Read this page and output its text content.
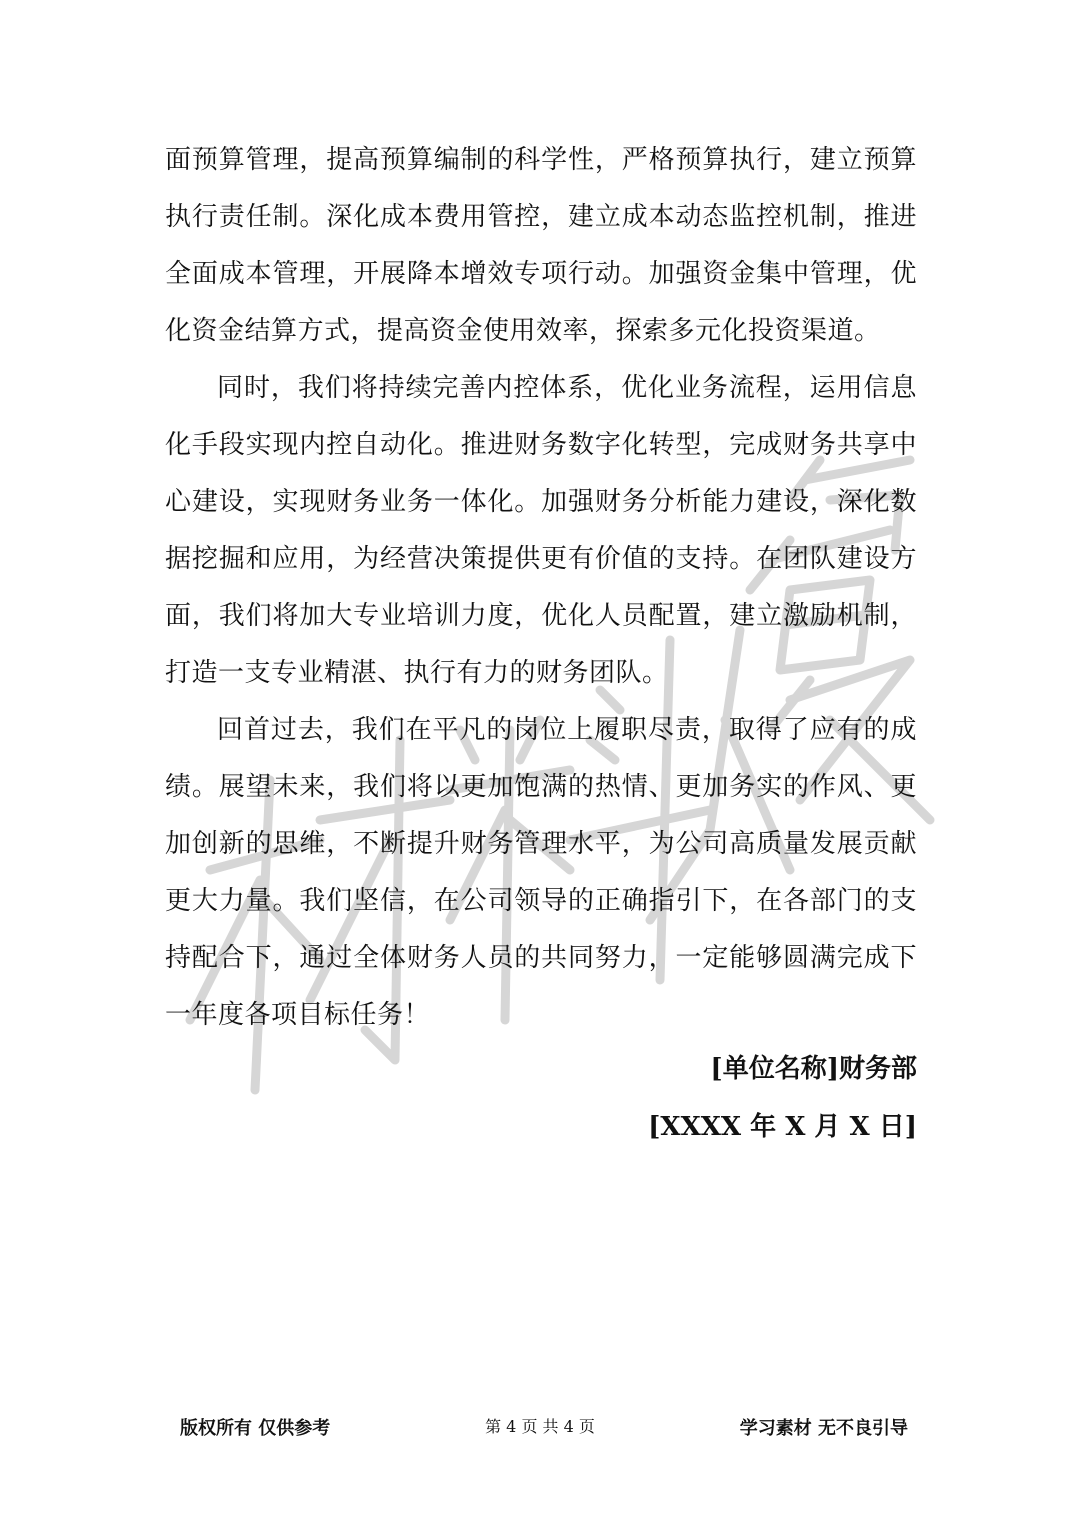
面预算管理，提高预算编制的科学性，严格预算执行，建立预算执行责任制。深化成本费用管控，建立成本动态监控机制，推进全面成本管理，开展降本增效专项行动。加强资金集中管理，优化资金结算方式，提高资金使用效率，探索多元化投资渠道。

同时，我们将持续完善内控体系，优化业务流程，运用信息化手段实现内控自动化。推进财务数字化转型，完成财务共享中心建设，实现财务业务一体化。加强财务分析能力建设，深化数据挖掘和应用，为经营决策提供更有价值的支持。在团队建设方面，我们将加大专业培训力度，优化人员配置，建立激励机制，打造一支专业精湛、执行有力的财务团队。

回首过去，我们在平凡的岗位上履职尽责，取得了应有的成绩。展望未来，我们将以更加饱满的热情、更加务实的作风、更加创新的思维，不断提升财务管理水平，为公司高质量发展贡献更大力量。我们坚信，在公司领导的正确指引下，在各部门的支持配合下，通过全体财务人员的共同努力，一定能够圆满完成下一年度各项目标任务！

[单位名称]财务部
[XXXX 年 X 月 X 日]
版权所有 仅供参考	第 4 页 共 4 页	学习素材 无不良引导
